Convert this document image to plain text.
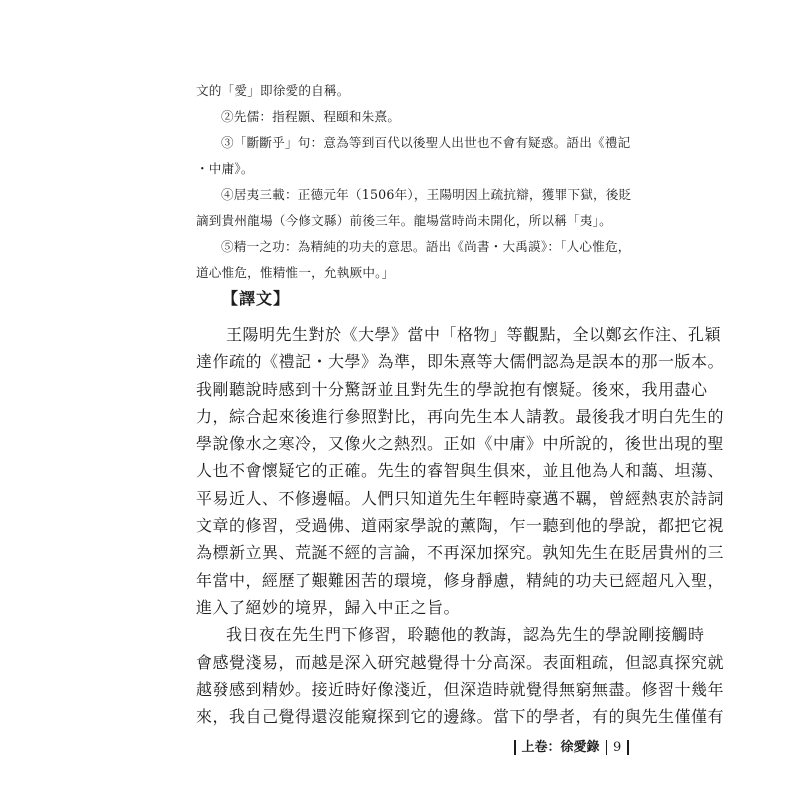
文的「愛」即徐愛的自稱。
②先儒：指程顥、程頤和朱熹。
③「斷斷乎」句：意為等到百代以後聖人出世也不會有疑惑。語出《禮記
・中庸》。
④居夷三載：正德元年（1506年），王陽明因上疏抗辯，獲罪下獄，後貶
謫到貴州龍場（今修文縣）前後三年。龍場當時尚未開化，所以稱「夷」。
⑤精一之功：為精純的功夫的意思。語出《尚書・大禹謨》：「人心惟危，
道心惟危，惟精惟一，允執厥中。」
【譯文】
王陽明先生對於《大學》當中「格物」等觀點，全以鄭玄作注、孔穎
達作疏的《禮記・大學》為準，即朱熹等大儒們認為是誤本的那一版本。
我剛聽說時感到十分驚訝並且對先生的學說抱有懷疑。後來，我用盡心
力，綜合起來後進行參照對比，再向先生本人請教。最後我才明白先生的
學說像水之寒冷，又像火之熱烈。正如《中庸》中所說的，後世出現的聖
人也不會懷疑它的正確。先生的睿智與生俱來，並且他為人和藹、坦蕩、
平易近人、不修邊幅。人們只知道先生年輕時豪邁不羈，曾經熱衷於詩詞
文章的修習，受過佛、道兩家學說的薰陶，乍一聽到他的學說，都把它視
為標新立異、荒誕不經的言論，不再深加探究。孰知先生在貶居貴州的三
年當中，經歷了艱難困苦的環境，修身靜慮，精純的功夫已經超凡入聖，
進入了絕妙的境界，歸入中正之旨。
我日夜在先生門下修習，聆聽他的教誨，認為先生的學說剛接觸時
會感覺淺易，而越是深入研究越覺得十分高深。表面粗疏，但認真探究就
越發感到精妙。接近時好像淺近，但深造時就覺得無窮無盡。修習十幾年
來，我自己覺得還沒能窺探到它的邊緣。當下的學者，有的與先生僅僅有
上卷：徐愛錄 9
